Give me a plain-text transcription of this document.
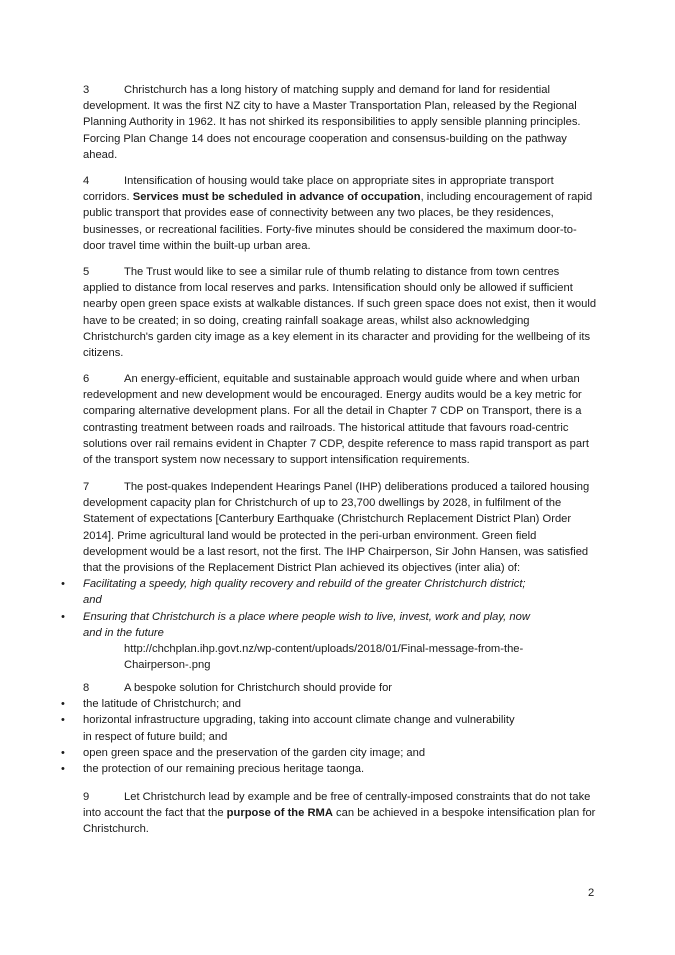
3	Christchurch has a long history of matching supply and demand for land for residential development. It was the first NZ city to have a Master Transportation Plan, released by the Regional Planning Authority in 1962. It has not shirked its responsibilities to apply sensible planning principles. Forcing Plan Change 14 does not encourage cooperation and consensus-building on the pathway ahead.

4	Intensification of housing would take place on appropriate sites in appropriate transport corridors. Services must be scheduled in advance of occupation, including encouragement of rapid public transport that provides ease of connectivity between any two places, be they residences, businesses, or recreational facilities. Forty-five minutes should be considered the maximum door-to-door travel time within the built-up urban area.

5	The Trust would like to see a similar rule of thumb relating to distance from town centres applied to distance from local reserves and parks. Intensification should only be allowed if sufficient nearby open green space exists at walkable distances. If such green space does not exist, then it would have to be created; in so doing, creating rainfall soakage areas, whilst also acknowledging Christchurch's garden city image as a key element in its character and providing for the wellbeing of its citizens.

6	An energy-efficient, equitable and sustainable approach would guide where and when urban redevelopment and new development would be encouraged. Energy audits would be a key metric for comparing alternative development plans. For all the detail in Chapter 7 CDP on Transport, there is a contrasting treatment between roads and railroads. The historical attitude that favours road-centric solutions over rail remains evident in Chapter 7 CDP, despite reference to mass rapid transport as part of the transport system now necessary to support intensification requirements.

7	The post-quakes Independent Hearings Panel (IHP) deliberations produced a tailored housing development capacity plan for Christchurch of up to 23,700 dwellings by 2028, in fulfilment of the Statement of expectations [Canterbury Earthquake (Christchurch Replacement District Plan) Order 2014]. Prime agricultural land would be protected in the peri-urban environment. Green field development would be a last resort, not the first. The IHP Chairperson, Sir John Hansen, was satisfied that the provisions of the Replacement District Plan achieved its objectives (inter alia) of:
• Facilitating a speedy, high quality recovery and rebuild of the greater Christchurch district; and
• Ensuring that Christchurch is a place where people wish to live, invest, work and play, now and in the future
http://chchplan.ihp.govt.nz/wp-content/uploads/2018/01/Final-message-from-the-Chairperson-.png
8	A bespoke solution for Christchurch should provide for
• the latitude of Christchurch; and
• horizontal infrastructure upgrading, taking into account climate change and vulnerability in respect of future build; and
• open green space and the preservation of the garden city image; and
• the protection of our remaining precious heritage taonga.

9	Let Christchurch lead by example and be free of centrally-imposed constraints that do not take into account the fact that the purpose of the RMA can be achieved in a bespoke intensification plan for Christchurch.

2
